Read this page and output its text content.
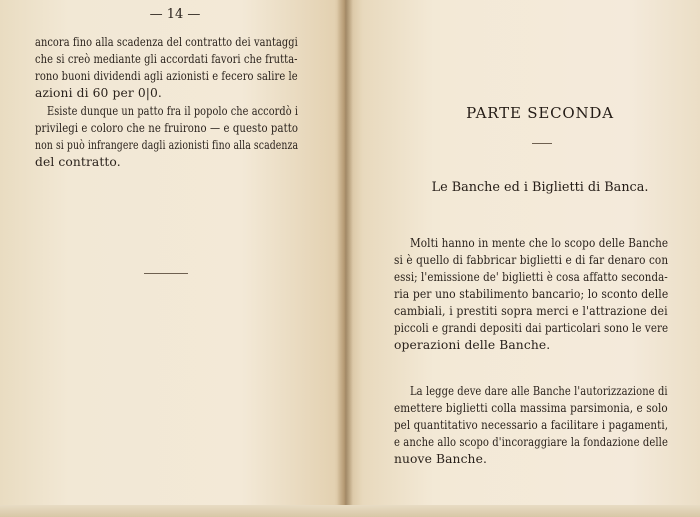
— 14 —
ancora fino alla scadenza del contratto dei vantaggi
che si creò mediante gli accordati favori che frutta-
rono buoni dividendi agli azionisti e fecero salire le
azioni di 60 per 0|0.
Esiste dunque un patto fra il popolo che accordò i
privilegi e coloro che ne fruirono — e questo patto
non si può infrangere dagli azionisti fino alla scadenza
del contratto.
PARTE SECONDA
Le Banche ed i Biglietti di Banca.
Molti hanno in mente che lo scopo delle Banche
si è quello di fabbricar biglietti e di far denaro con
essi; l'emissione de' biglietti è cosa affatto seconda-
ria per uno stabilimento bancario; lo sconto delle
cambiali, i prestiti sopra merci e l'attrazione dei
piccoli e grandi depositi dai particolari sono le vere
operazioni delle Banche.
La legge deve dare alle Banche l'autorizzazione di
emettere biglietti colla massima parsimonia, e solo
pel quantitativo necessario a facilitare i pagamenti,
e anche allo scopo d'incoraggiare la fondazione delle
nuove Banche.
